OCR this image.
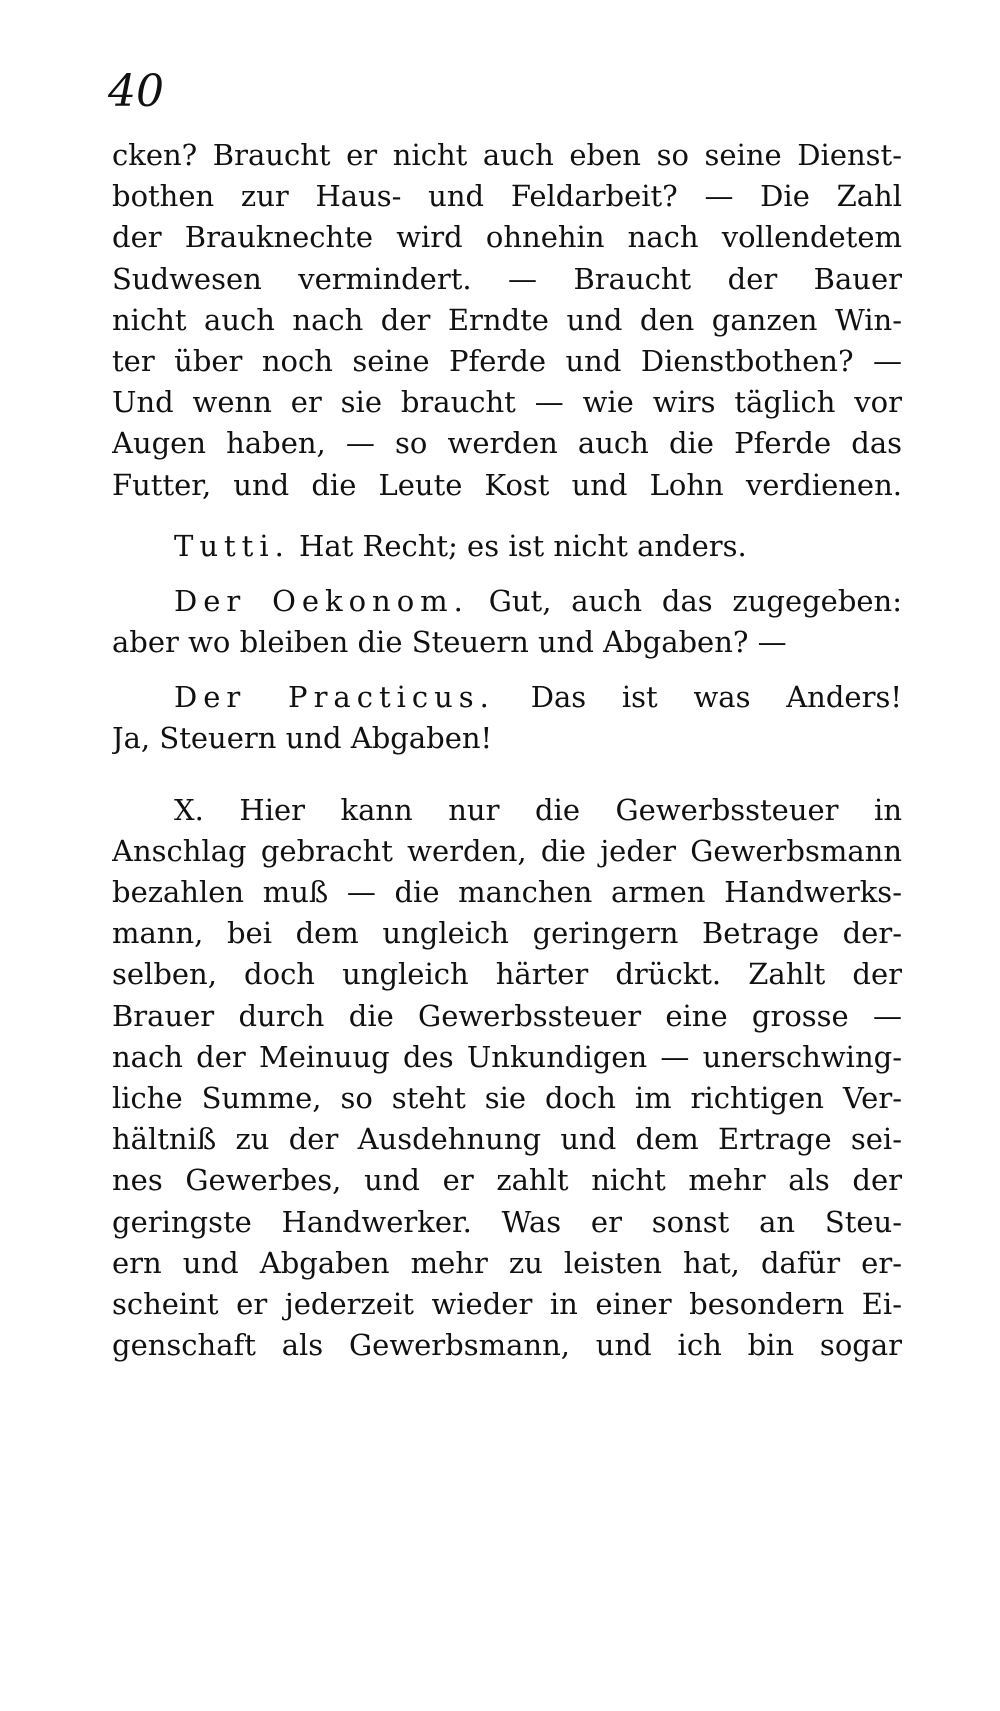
40
cken? Braucht er nicht auch eben so seine Dienst-
bothen zur Haus- und Feldarbeit? — Die Zahl
der Brauknechte wird ohnehin nach vollendetem
Sudwesen vermindert. — Braucht der Bauer
nicht auch nach der Erndte und den ganzen Win-
ter über noch seine Pferde und Dienstbothen? —
Und wenn er sie braucht — wie wirs täglich vor
Augen haben, — so werden auch die Pferde das
Futter, und die Leute Kost und Lohn verdienen.
Tutti. Hat Recht; es ist nicht anders.
Der Oekonom. Gut, auch das zugegeben:
aber wo bleiben die Steuern und Abgaben? —
Der Practicus. Das ist was Anders!
Ja, Steuern und Abgaben!
X. Hier kann nur die Gewerbssteuer in
Anschlag gebracht werden, die jeder Gewerbsmann
bezahlen muß — die manchen armen Handwerks-
mann, bei dem ungleich geringern Betrage der-
selben, doch ungleich härter drückt. Zahlt der
Brauer durch die Gewerbssteuer eine grosse —
nach der Meinuug des Unkundigen — unerschwing-
liche Summe, so steht sie doch im richtigen Ver-
hältniß zu der Ausdehnung und dem Ertrage sei-
nes Gewerbes, und er zahlt nicht mehr als der
geringste Handwerker. Was er sonst an Steu-
ern und Abgaben mehr zu leisten hat, dafür er-
scheint er jederzeit wieder in einer besondern Ei-
genschaft als Gewerbsmann, und ich bin sogar
